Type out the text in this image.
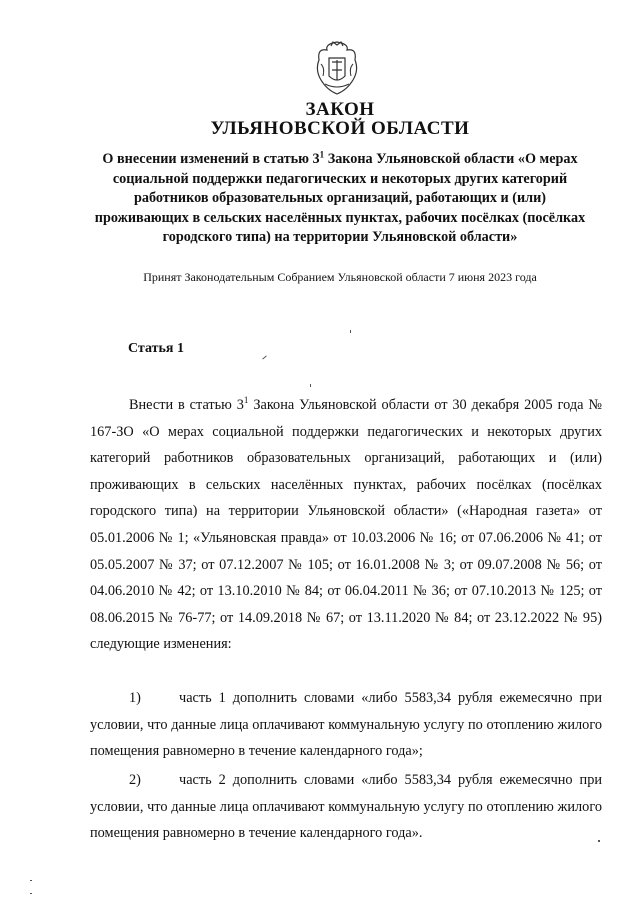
ЗАКОН
УЛЬЯНОВСКОЙ ОБЛАСТИ
О внесении изменений в статью $3^1$ Закона Ульяновской области «О мерах социальной поддержки педагогических и некоторых других категорий работников образовательных организаций, работающих и (или) проживающих в сельских населённых пунктах, рабочих посёлках (посёлках городского типа) на территории Ульяновской области»
Принят Законодательным Собранием Ульяновской области 7 июня 2023 года
Статья 1

Внести в статью $3^1$ Закона Ульяновской области от 30 декабря 2005 года № 167-ЗО «О мерах социальной поддержки педагогических и некоторых других категорий работников образовательных организаций, работающих и (или) проживающих в сельских населённых пунктах, рабочих посёлках (посёлках городского типа) на территории Ульяновской области» («Народная газета» от 05.01.2006 № 1; «Ульяновская правда» от 10.03.2006 № 16; от 07.06.2006 № 41; от 05.05.2007 № 37; от 07.12.2007 № 105; от 16.01.2008 № 3; от 09.07.2008 № 56; от 04.06.2010 № 42; от 13.10.2010 № 84; от 06.04.2011 № 36; от 07.10.2013 № 125; от 08.06.2015 № 76-77; от 14.09.2018 № 67; от 13.11.2020 № 84; от 23.12.2022 № 95) следующие изменения:

1)	часть 1 дополнить словами «либо 5583,34 рубля ежемесячно при условии, что данные лица оплачивают коммунальную услугу по отоплению жилого помещения равномерно в течение календарного года»;

2)	часть 2 дополнить словами «либо 5583,34 рубля ежемесячно при условии, что данные лица оплачивают коммунальную услугу по отоплению жилого помещения равномерно в течение календарного года».
